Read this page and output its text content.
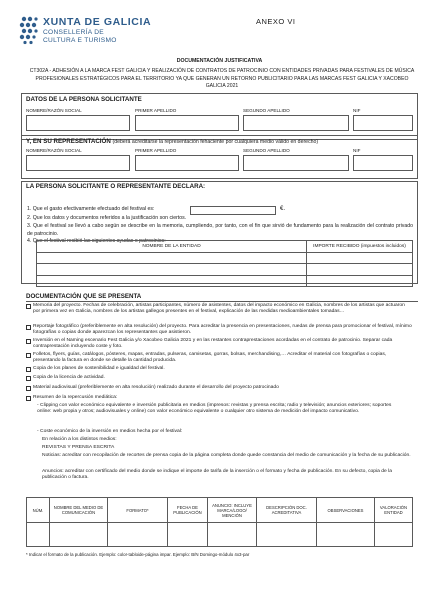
XUNTA DE GALICIA
CONSELLERÍA DE
CULTURA E TURISMO
ANEXO VI
DOCUMENTACIÓN JUSTIFICATIVA
CT302A - ADHESIÓN A LA MARCA FEST GALICIA Y REALIZACIÓN DE CONTRATOS DE PATROCINIO CON ENTIDADES PRIVADAS PARA FESTIVALES DE MÚSICA PROFESIONALES ESTRATÉGICOS PARA EL TERRITORIO YA QUE GENERAN UN RETORNO PUBLICITARIO PARA LAS MARCAS FEST GALICIA Y XACOBEO GALICIA 2021
DATOS DE LA PERSONA SOLICITANTE
NOMBRE/RAZÓN SOCIAL	PRIMER APELLIDO	SEGUNDO APELLIDO	NIF
Y, EN SU REPRESENTACIÓN (deberá acreditarse la representación fehaciente por cualquiera medio válido en derecho)
NOMBRE/RAZÓN SOCIAL	PRIMER APELLIDO	SEGUNDO APELLIDO	NIF
LA PERSONA SOLICITANTE O REPRESENTANTE DECLARA:
1. Que el gasto efectivamente efectuado del festival es:	€.
2. Que los datos y documentos referidos a la justificación son ciertos.
3. Que el festival se llevó a cabo según se describe en la memoria, cumpliendo, por tanto, con el fin que sirvió de fundamento para la realización del contrato privado de patrocinio.
4. Que el festival recibió las siguientes ayudas o patrocinios:
NOMBRE DE LA ENTIDAD	IMPORTE RECIBIDO (impuestos incluidos)

DOCUMENTACIÓN QUE SE PRESENTA
Memoria del proyecto. Fechas de celebración, artistas participantes, número de asistentes, datos del impacto económico en Galicia, nombres de los artistas que actuaron por primera vez en Galicia, nombres de los artistas gallegos presentes en el festival, explicación de las medidas medioambientales tomadas…
Reportaje fotográfico (preferiblemente en alta resolución) del proyecto. Para acreditar la presencia en presentaciones, ruedas de prensa para promocionar el festival, mínimo fotografías o copias donde aparezcan los representantes que asistieron.
Inversión en el Naming escenario Fest Galicia y/o Xacobeo Galicia 2021 y en las restantes contraprestaciones acordadas en el contrato de patrocinio. Separar cada contraprestación incluyendo coste y foto.
Folletos, flyers, guías, catálogos, pósteres, mapas, entradas, pulseras, camisetas, gorras, bolsas, merchandising,… Acreditar el material con fotografías o copias, presentando la factura en donde se detalle la cantidad producida.
Copia de los planes de sostenibilidad e igualdad del festival.
Copia de la licencia de actividad.
Material audiovisual (preferiblemente en alta resolución) realizado durante el desarrollo del proyecto patrocinado
Resumen de la repercusión mediática:
- Clipping con valor económico equivalente e inversión publicitaria en medios (impresos: revistas y prensa escrita; radio y televisión; anuncios exteriores; soportes online: web propia y otros; audiovisuales y online) con valor económico equivalente o cualquier otro sistema de medición del impacto comunicativo.
- Coste económico de la inversión en medios hecha por el festival:
En relación a los distintos medios:
REVISTAS Y PRENSA ESCRITA
Noticias: acreditar con recopilación de recortes de prensa copia de la página completa donde quede constancia del medio de comunicación y la fecha de su publicación.
Anuncios: acreditar con certificado del medio donde se indique el importe de tarifa de la inserción o el formato y fecha de publicación. En su defecto, copia de la publicación o factura.
NÚM.	NOMBRE DEL MEDIO DE COMUNICACIÓN	FORMATO*	FECHA DE PUBLICACIÓN	ANUNCIO: INCLUYE MARCA/LOGO/ MENCIÓN	DESCRIPCIÓN DOC. ACREDITATIVA	OBSERVACIONES	VALORACIÓN ENTIDAD

* Indicar el formato de la publicación. Ejemplo: color-tabloide-página impar. Ejemplo: B/N Domingo-módulo 4x3-par
